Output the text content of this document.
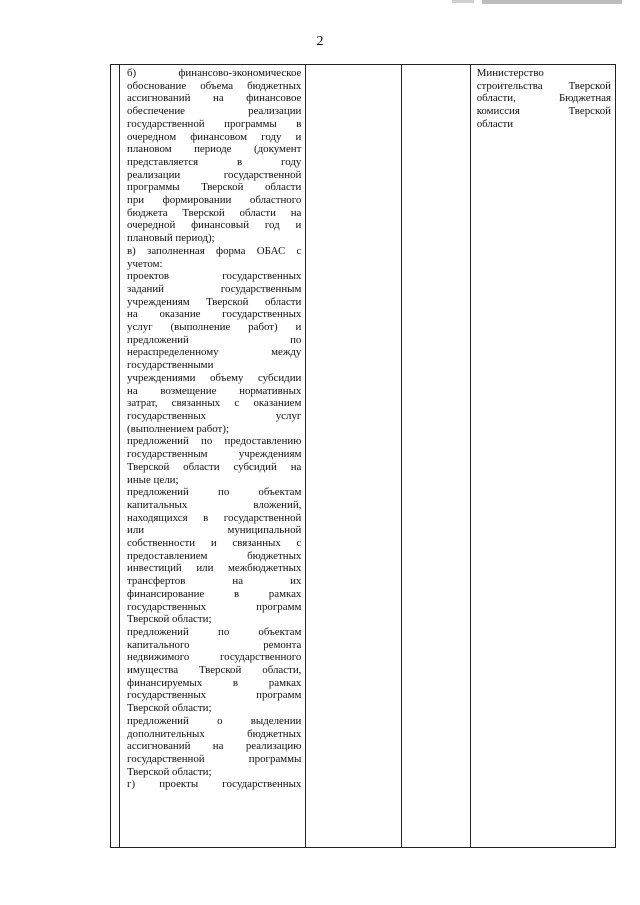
2

б) финансово-экономическое
обоснование объема бюджетных
ассигнований на финансовое
обеспечение реализации
государственной программы в
очередном финансовом году и
плановом периоде (документ
представляется в году
реализации государственной
программы Тверской области
при формировании областного
бюджета Тверской области на
очередной финансовый год и
плановый период);
в) заполненная форма ОБАС с
учетом:
проектов государственных
заданий государственным
учреждениям Тверской области
на оказание государственных
услуг (выполнение работ) и
предложений по
нераспределенному между
государственными
учреждениями объему субсидии
на возмещение нормативных
затрат, связанных с оказанием
государственных услуг
(выполнением работ);
предложений по предоставлению
государственным учреждениям
Тверской области субсидий на
иные цели;
предложений по объектам
капитальных вложений,
находящихся в государственной
или муниципальной
собственности и связанных с
предоставлением бюджетных
инвестиций или межбюджетных
трансфертов на их
финансирование в рамках
государственных программ
Тверской области;
предложений по объектам
капитального ремонта
недвижимого государственного
имущества Тверской области,
финансируемых в рамках
государственных программ
Тверской области;
предложений о выделении
дополнительных бюджетных
ассигнований на реализацию
государственной программы
Тверской области;
г) проекты государственных

Министерство
строительства Тверской
области, Бюджетная
комиссия Тверской
области
